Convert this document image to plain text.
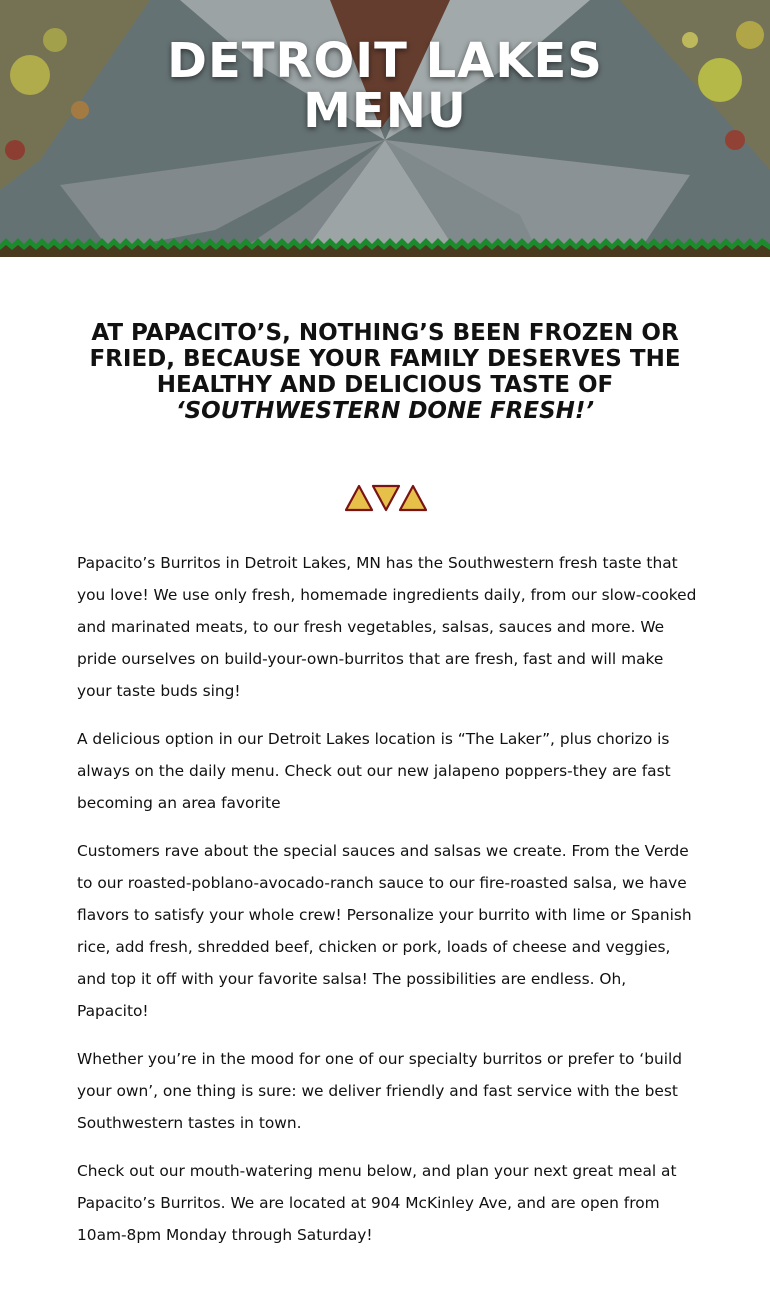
DETROIT LAKES
MENU
AT PAPACITO’S, NOTHING’S BEEN FROZEN OR FRIED, BECAUSE YOUR FAMILY DESERVES THE HEALTHY AND DELICIOUS TASTE OF
‘SOUTHWESTERN DONE FRESH!’

Papacito’s Burritos in Detroit Lakes, MN has the Southwestern fresh taste that you love! We use only fresh, homemade ingredients daily, from our slow-cooked and marinated meats, to our fresh vegetables, salsas, sauces and more. We pride ourselves on build-your-own-burritos that are fresh, fast and will make your taste buds sing!

A delicious option in our Detroit Lakes location is “The Laker”, plus chorizo is always on the daily menu. Check out our new jalapeno poppers-they are fast becoming an area favorite

Customers rave about the special sauces and salsas we create. From the Verde to our roasted-poblano-avocado-ranch sauce to our fire-roasted salsa, we have flavors to satisfy your whole crew! Personalize your burrito with lime or Spanish rice, add fresh, shredded beef, chicken or pork, loads of cheese and veggies, and top it off with your favorite salsa! The possibilities are endless. Oh, Papacito!

Whether you’re in the mood for one of our specialty burritos or prefer to ‘build your own’, one thing is sure: we deliver friendly and fast service with the best Southwestern tastes in town.

Check out our mouth-watering menu below, and plan your next great meal at Papacito’s Burritos. We are located at 904 McKinley Ave, and are open from 10am-8pm Monday through Saturday!
